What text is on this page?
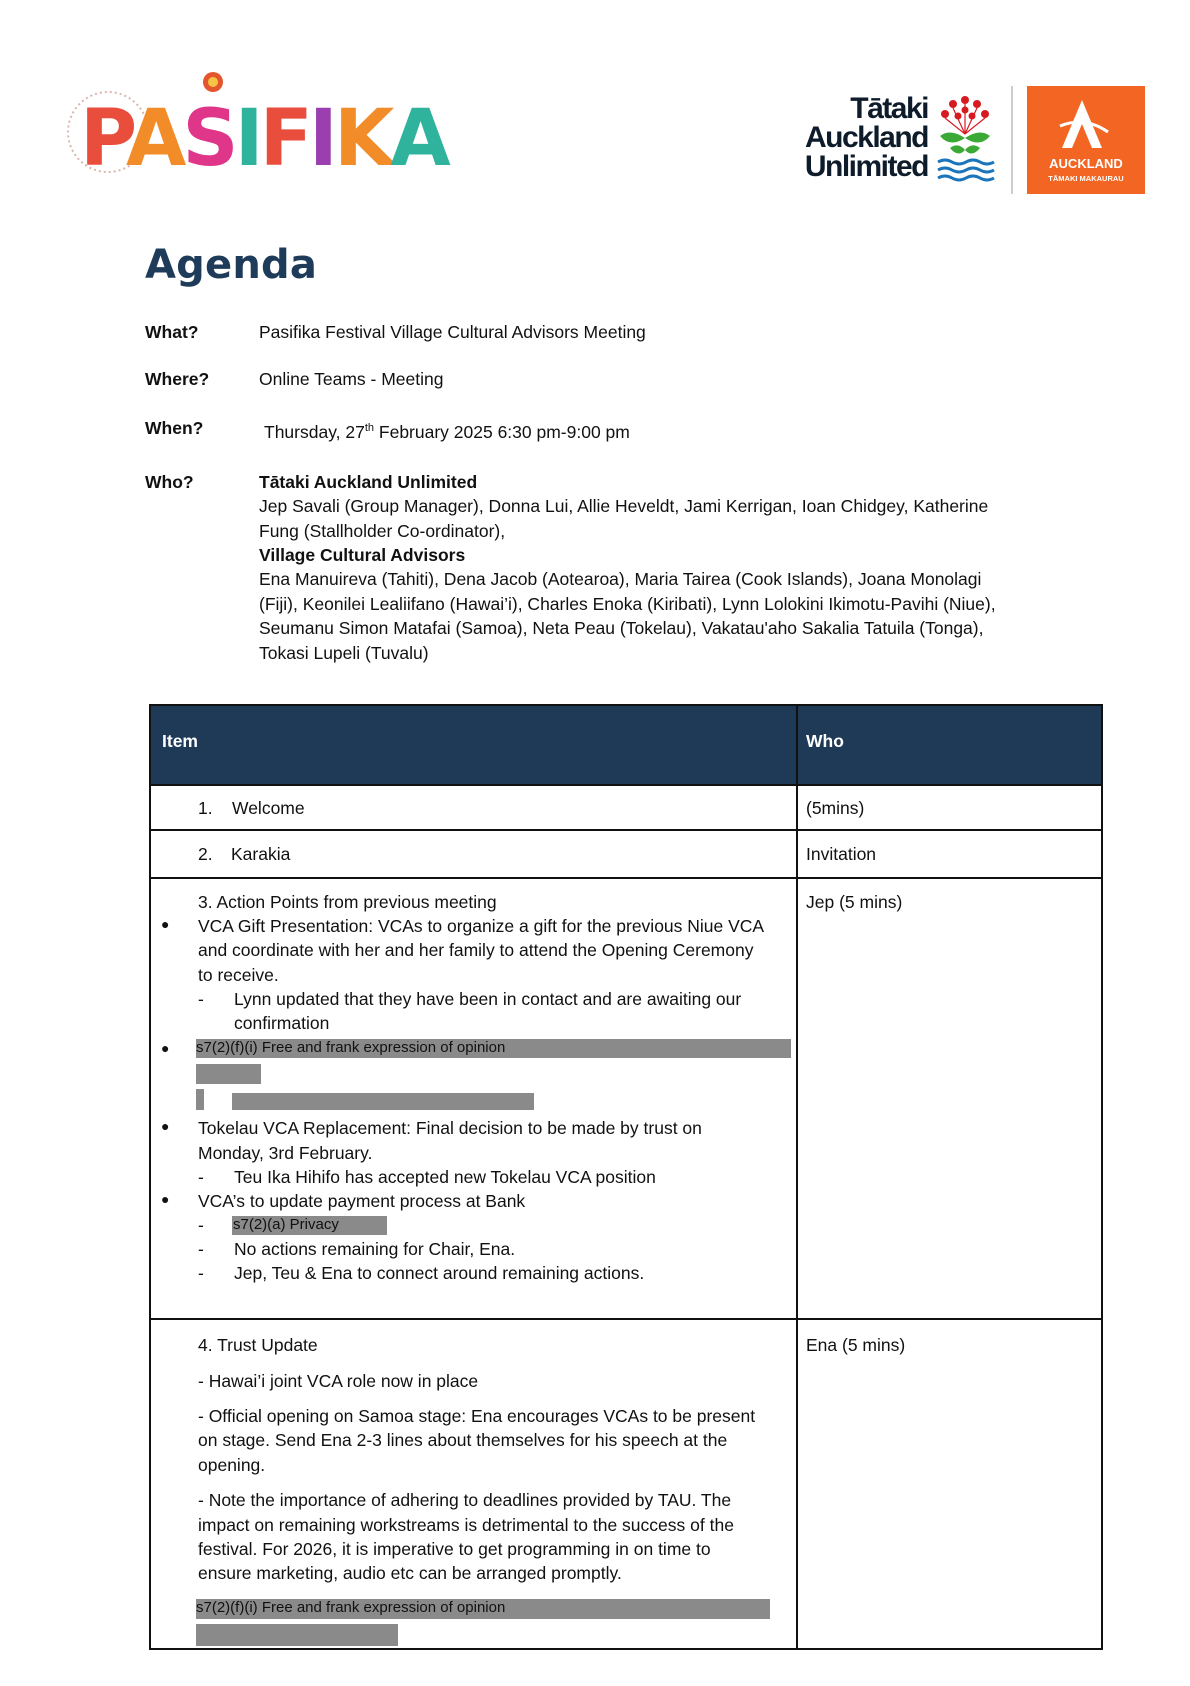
PASIFIKA
PASIFIKA
Tātaki
Auckland
Unlimited	AUCKLAND
TĀMAKI MAKAURAU
Agenda
What?	Pasifika Festival Village Cultural Advisors Meeting
Where?	Online Teams - Meeting
When?	Thursday, 27th February 2025 6:30 pm-9:00 pm
Who?	Tātaki Auckland Unlimited
Jep Savali (Group Manager), Donna Lui, Allie Heveldt, Jami Kerrigan, Ioan Chidgey, Katherine
Fung (Stallholder Co-ordinator),
Village Cultural Advisors
Ena Manuireva (Tahiti), Dena Jacob (Aotearoa), Maria Tairea (Cook Islands), Joana Monolagi
(Fiji), Keonilei Lealiifano (Hawai’i), Charles Enoka (Kiribati), Lynn Lolokini Ikimotu-Pavihi (Niue),
Seumanu Simon Matafai (Samoa), Neta Peau (Tokelau), Vakatau'aho Sakalia Tatuila (Tonga),
Tokasi Lupeli (Tuvalu)
Item	Who
1. Welcome	(5mins)
2. Karakia	Invitation
3. Action Points from previous meeting	Jep (5 mins)
● VCA Gift Presentation: VCAs to organize a gift for the previous Niue VCA
and coordinate with her and her family to attend the Opening Ceremony
to receive.
- Lynn updated that they have been in contact and are awaiting our
confirmation
● s7(2)(f)(i) Free and frank expression of opinion
● Tokelau VCA Replacement: Final decision to be made by trust on
Monday, 3rd February.
- Teu Ika Hihifo has accepted new Tokelau VCA position
● VCA’s to update payment process at Bank
- s7(2)(a) Privacy
- No actions remaining for Chair, Ena.
- Jep, Teu & Ena to connect around remaining actions.
4. Trust Update	Ena (5 mins)
- Hawai’i joint VCA role now in place
- Official opening on Samoa stage: Ena encourages VCAs to be present
on stage. Send Ena 2-3 lines about themselves for his speech at the
opening.
- Note the importance of adhering to deadlines provided by TAU. The
impact on remaining workstreams is detrimental to the success of the
festival. For 2026, it is imperative to get programming in on time to
ensure marketing, audio etc can be arranged promptly.
s7(2)(f)(i) Free and frank expression of opinion
